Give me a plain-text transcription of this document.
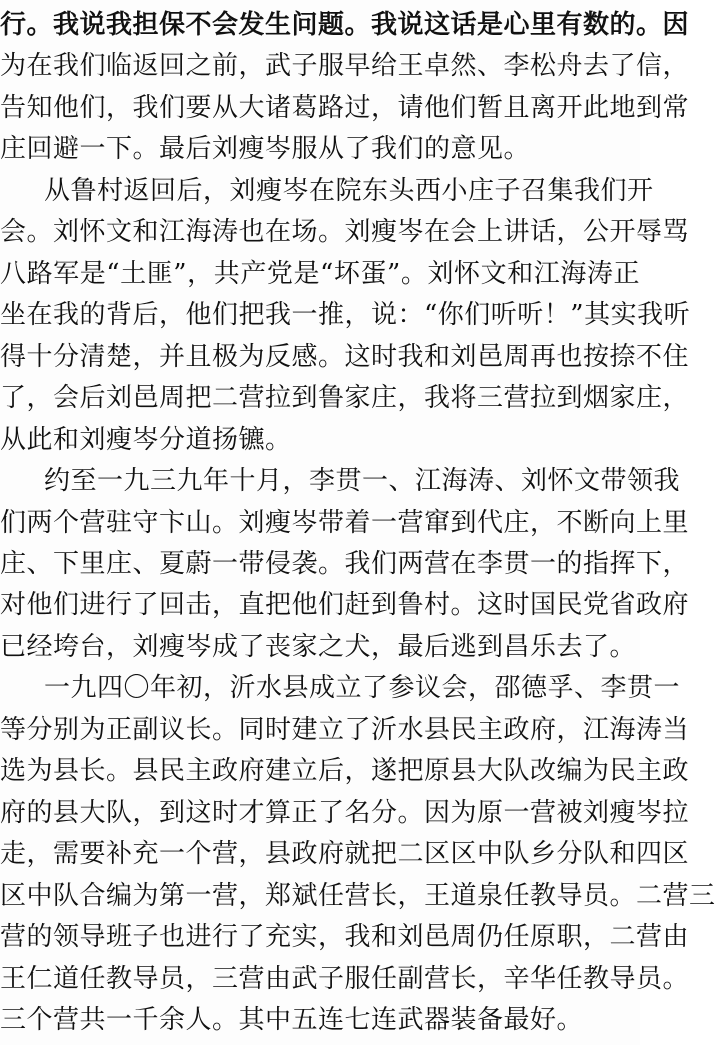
行。我说我担保不会发生问题。我说这话是心里有数的。因
为在我们临返回之前，武子服早给王卓然、李松舟去了信，
告知他们，我们要从大诸葛路过，请他们暂且离开此地到常
庄回避一下。最后刘瘦岑服从了我们的意见。
从鲁村返回后，刘瘦岑在院东头西小庄子召集我们开
会。刘怀文和江海涛也在场。刘瘦岑在会上讲话，公开辱骂
八路军是“土匪”，共产党是“坏蛋”。刘怀文和江海涛正
坐在我的背后，他们把我一推，说：“你们听听！”其实我听
得十分清楚，并且极为反感。这时我和刘邑周再也按捺不住
了，会后刘邑周把二营拉到鲁家庄，我将三营拉到烟家庄，
从此和刘瘦岑分道扬镳。
约至一九三九年十月，李贯一、江海涛、刘怀文带领我
们两个营驻守卞山。刘瘦岑带着一营窜到代庄，不断向上里
庄、下里庄、夏蔚一带侵袭。我们两营在李贯一的指挥下，
对他们进行了回击，直把他们赶到鲁村。这时国民党省政府
已经垮台，刘瘦岑成了丧家之犬，最后逃到昌乐去了。
一九四〇年初，沂水县成立了参议会，邵德孚、李贯一
等分别为正副议长。同时建立了沂水县民主政府，江海涛当
选为县长。县民主政府建立后，遂把原县大队改编为民主政
府的县大队，到这时才算正了名分。因为原一营被刘瘦岑拉
走，需要补充一个营，县政府就把二区区中队乡分队和四区
区中队合编为第一营，郑斌任营长，王道泉任教导员。二营三
营的领导班子也进行了充实，我和刘邑周仍任原职，二营由
王仁道任教导员，三营由武子服任副营长，辛华任教导员。
三个营共一千余人。其中五连七连武器装备最好。
